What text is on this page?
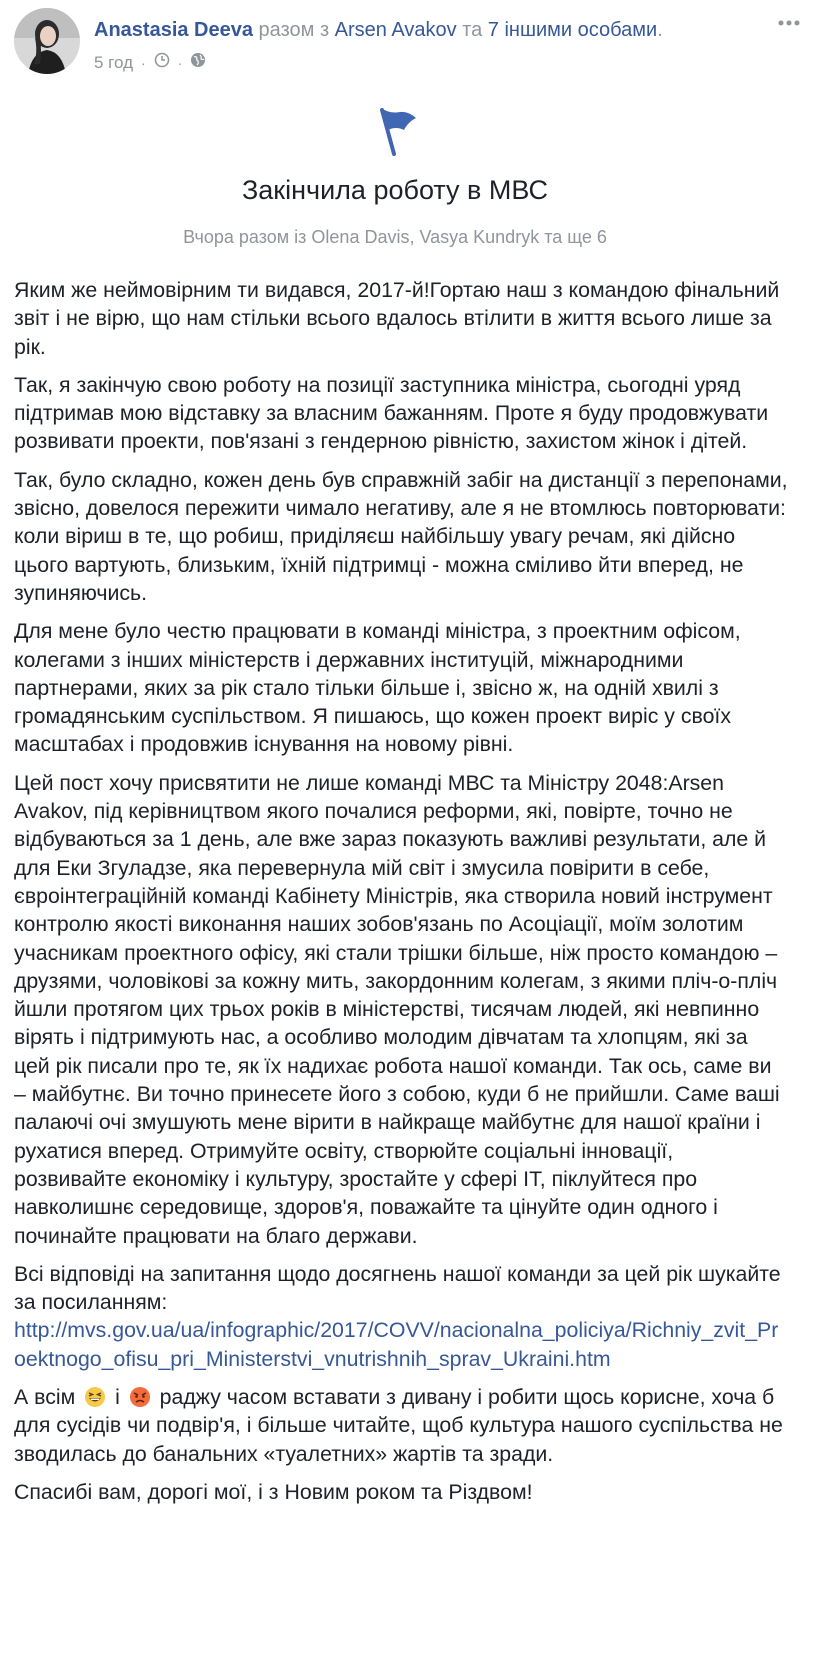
Anastasia Deeva разом з Arsen Avakov та 7 іншими особами.
5 год · ·
Закінчила роботу в МВС
Вчора разом із Olena Davis, Vasya Kundryk та ще 6

Яким же неймовірним ти видався, 2017-й!Гортаю наш з командою фінальний звіт і не вірю, що нам стільки всього вдалось втілити в життя всього лише за рік.

Так, я закінчую свою роботу на позиції заступника міністра, сьогодні уряд підтримав мою відставку за власним бажанням. Проте я буду продовжувати розвивати проекти, пов'язані з гендерною рівністю, захистом жінок і дітей.

Так, було складно, кожен день був справжній забіг на дистанції з перепонами, звісно, довелося пережити чимало негативу, але я не втомлюсь повторювати: коли віриш в те, що робиш, приділяєш найбільшу увагу речам, які дійсно цього вартують, близьким, їхній підтримці - можна сміливо йти вперед, не зупиняючись.

Для мене було честю працювати в команді міністра, з проектним офісом, колегами з інших міністерств і державних інституцій, міжнародними партнерами, яких за рік стало тільки більше і, звісно ж, на одній хвилі з громадянським суспільством. Я пишаюсь, що кожен проект виріс у своїх масштабах і продовжив існування на новому рівні.

Цей пост хочу присвятити не лише команді МВС та Міністру 2048:Arsen Avakov, під керівництвом якого почалися реформи, які, повірте, точно не відбуваються за 1 день, але вже зараз показують важливі результати, але й для Еки Згуладзе, яка перевернула мій світ і змусила повірити в себе, євроінтеграційній команді Кабінету Міністрів, яка створила новий інструмент контролю якості виконання наших зобов'язань по Асоціації, моїм золотим учасникам проектного офісу, які стали трішки більше, ніж просто командою – друзями, чоловікові за кожну мить, закордонним колегам, з якими пліч-о-пліч йшли протягом цих трьох років в міністерстві, тисячам людей, які невпинно вірять і підтримують нас, а особливо молодим дівчатам та хлопцям, які за цей рік писали про те, як їх надихає робота нашої команди. Так ось, саме ви – майбутнє. Ви точно принесете його з собою, куди б не прийшли. Саме ваші палаючі очі змушують мене вірити в найкраще майбутнє для нашої країни і рухатися вперед. Отримуйте освіту, створюйте соціальні інновації, розвивайте економіку і культуру, зростайте у сфері IT, піклуйтеся про навколишнє середовище, здоров'я, поважайте та цінуйте один одного і починайте працювати на благо держави.

Всі відповіді на запитання щодо досягнень нашої команди за цей рік шукайте за посиланням:
http://mvs.gov.ua/ua/infographic/2017/COVV/nacionalna_policiya/Richniy_zvit_Proektnogo_ofisu_pri_Ministerstvi_vnutrishnih_sprav_Ukraini.htm

А всім і раджу часом вставати з дивану і робити щось корисне, хоча б для сусідів чи подвір'я, і більше читайте, щоб культура нашого суспільства не зводилась до банальних «туалетних» жартів та зради.

Спасибі вам, дорогі мої, і з Новим роком та Різдвом!
